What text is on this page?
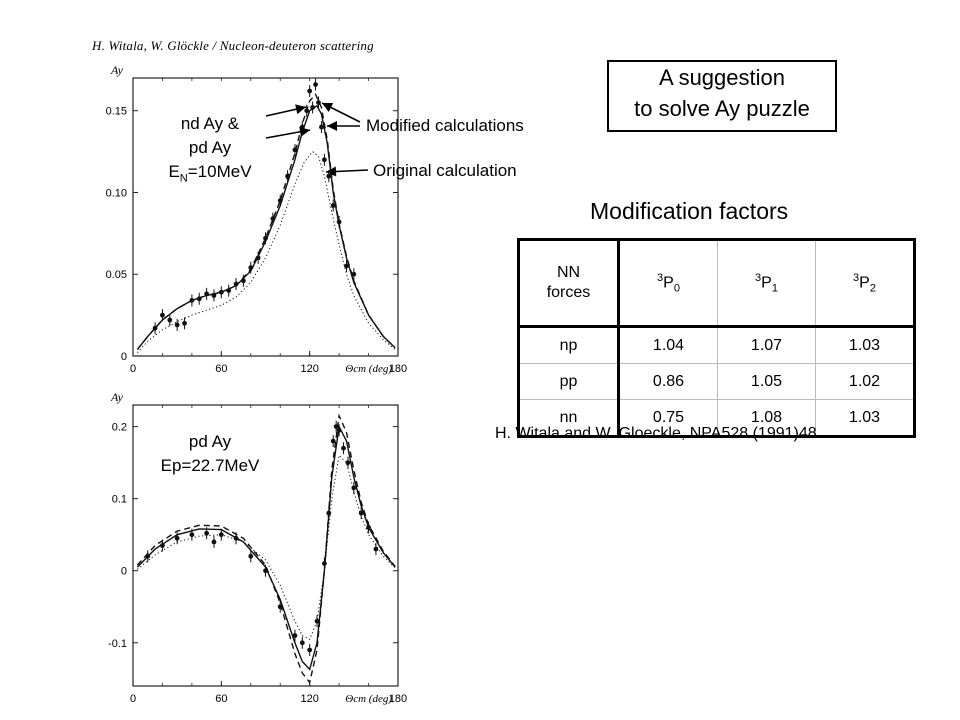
H. Witala, W. Glöckle / Nucleon-deuteron scattering
0	60	120	180
0
0.05
0.10
0.15
Ay
Θcm (deg)
0	60	120	180
-0.1
0
0.1
0.2
Ay
Θcm (deg)
nd Ay &
pd Ay
$E_N=10MeV$
Modified calculations
Original calculation
pd Ay
Ep=22.7MeV
A suggestion
to solve Ay puzzle
Modification factors
NN
forces	$^3P_0$	$^3P_1$	$^3P_2$
np	1.04	1.07	1.03
pp	0.86	1.05	1.02
nn	0.75	1.08	1.03
H. Witala and W. Gloeckle, NPA528 (1991)48
